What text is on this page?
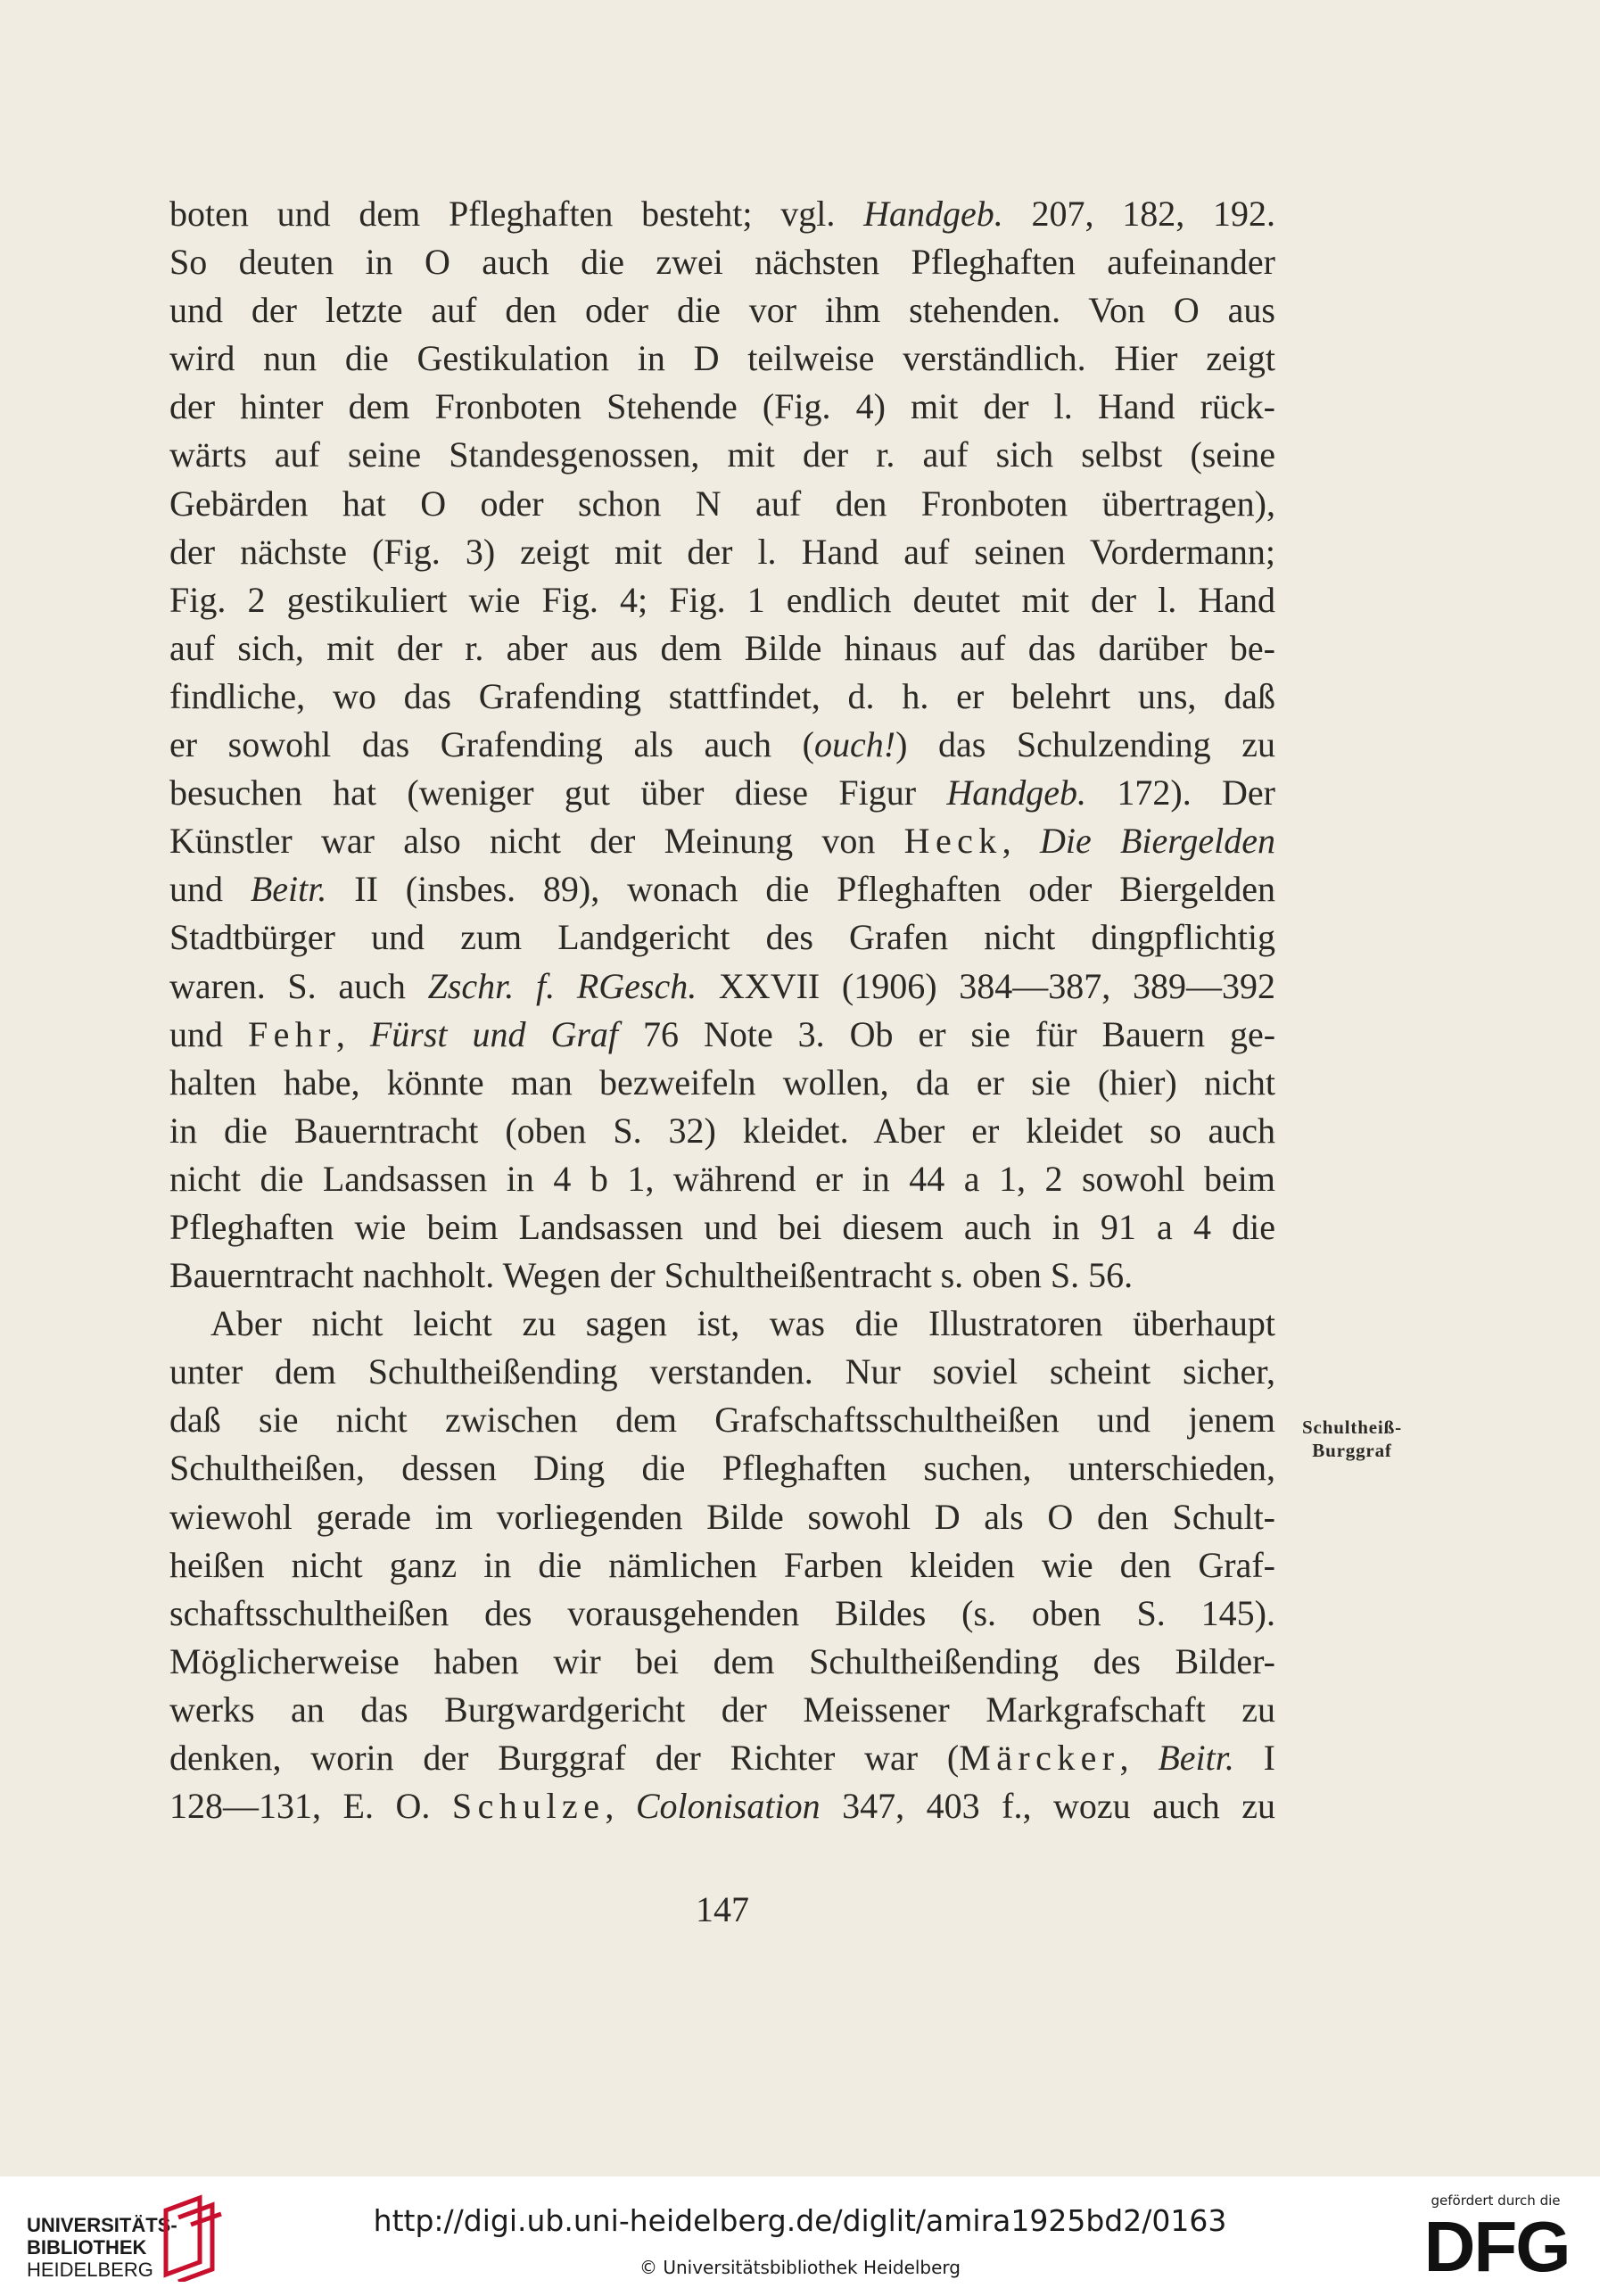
boten und dem Pfleghaften besteht; vgl. Handgeb. 207, 182, 192.
So deuten in O auch die zwei nächsten Pfleghaften aufeinander
und der letzte auf den oder die vor ihm stehenden. Von O aus
wird nun die Gestikulation in D teilweise verständlich. Hier zeigt
der hinter dem Fronboten Stehende (Fig. 4) mit der l. Hand rück-
wärts auf seine Standesgenossen, mit der r. auf sich selbst (seine
Gebärden hat O oder schon N auf den Fronboten übertragen),
der nächste (Fig. 3) zeigt mit der l. Hand auf seinen Vordermann;
Fig. 2 gestikuliert wie Fig. 4; Fig. 1 endlich deutet mit der l. Hand
auf sich, mit der r. aber aus dem Bilde hinaus auf das darüber be-
findliche, wo das Grafending stattfindet, d. h. er belehrt uns, daß
er sowohl das Grafending als auch (ouch!) das Schulzending zu
besuchen hat (weniger gut über diese Figur Handgeb. 172). Der
Künstler war also nicht der Meinung von Heck, Die Biergelden
und Beitr. II (insbes. 89), wonach die Pfleghaften oder Biergelden
Stadtbürger und zum Landgericht des Grafen nicht dingpflichtig
waren. S. auch Zschr. f. RGesch. XXVII (1906) 384—387, 389—392
und Fehr, Fürst und Graf 76 Note 3. Ob er sie für Bauern ge-
halten habe, könnte man bezweifeln wollen, da er sie (hier) nicht
in die Bauerntracht (oben S. 32) kleidet. Aber er kleidet so auch
nicht die Landsassen in 4 b 1, während er in 44 a 1, 2 sowohl beim
Pfleghaften wie beim Landsassen und bei diesem auch in 91 a 4 die
Bauerntracht nachholt. Wegen der Schultheißentracht s. oben S. 56.
Aber nicht leicht zu sagen ist, was die Illustratoren überhaupt
unter dem Schultheißending verstanden. Nur soviel scheint sicher,
daß sie nicht zwischen dem Grafschaftsschultheißen und jenem
Schultheißen, dessen Ding die Pfleghaften suchen, unterschieden,
wiewohl gerade im vorliegenden Bilde sowohl D als O den Schult-
heißen nicht ganz in die nämlichen Farben kleiden wie den Graf-
schaftsschultheißen des vorausgehenden Bildes (s. oben S. 145).
Möglicherweise haben wir bei dem Schultheißending des Bilder-
werks an das Burgwardgericht der Meissener Markgrafschaft zu
denken, worin der Burggraf der Richter war (Märcker, Beitr. I
128—131, E. O. Schulze, Colonisation 347, 403 f., wozu auch zu
Schultheiß-
Burggraf
147
UNIVERSITÄTS-
BIBLIOTHEK
HEIDELBERG
http://digi.ub.uni-heidelberg.de/diglit/amira1925bd2/0163
© Universitätsbibliothek Heidelberg
gefördert durch die
DFG
